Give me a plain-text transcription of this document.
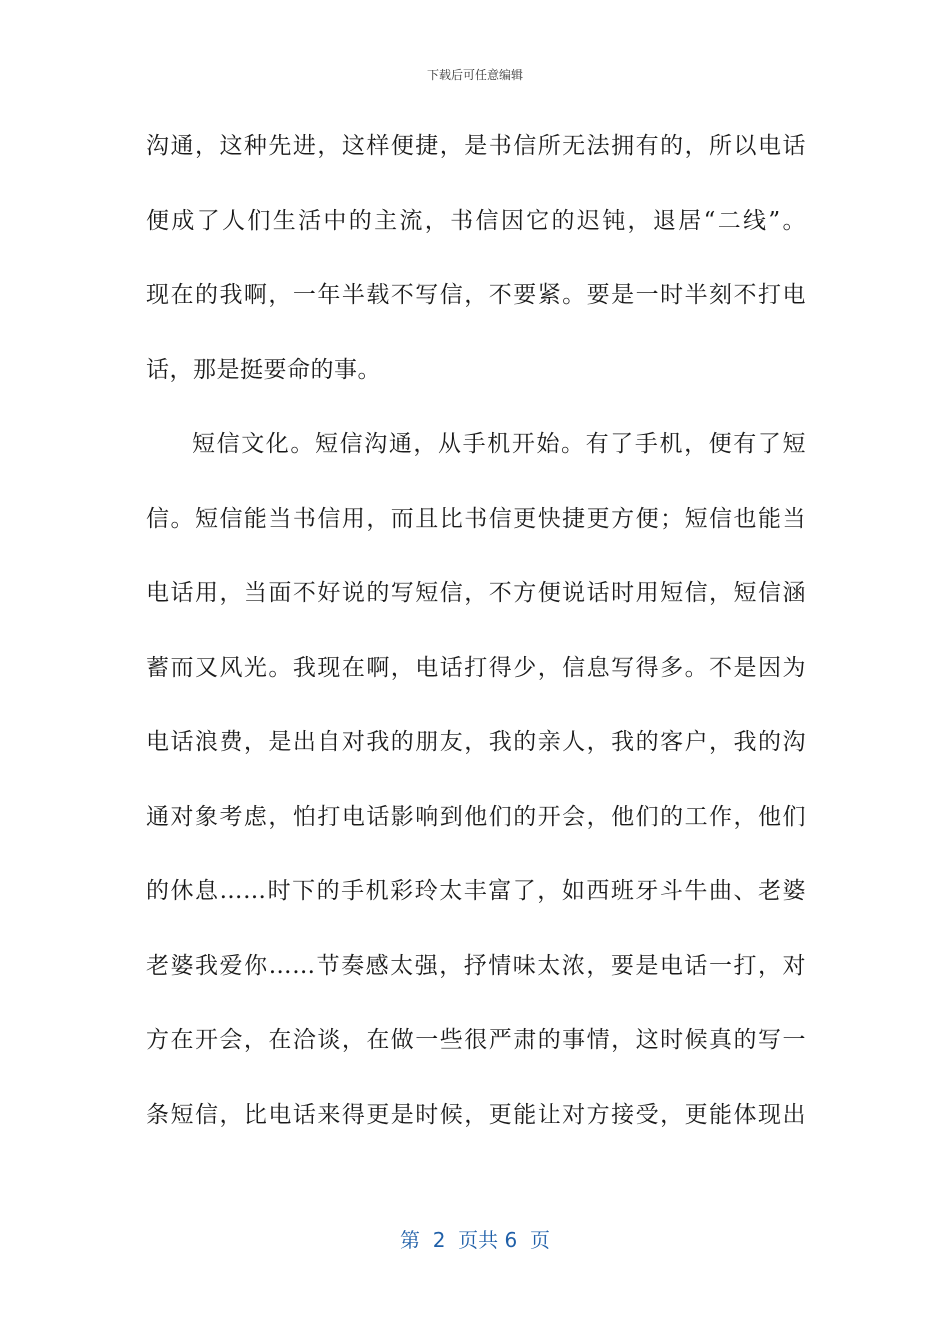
下载后可任意编辑
沟通，这种先进，这样便捷，是书信所无法拥有的，所以电话
便成了人们生活中的主流，书信因它的迟钝，退居“二线”。
现在的我啊，一年半载不写信，不要紧。要是一时半刻不打电
话，那是挺要命的事。
短信文化。短信沟通，从手机开始。有了手机，便有了短
信。短信能当书信用，而且比书信更快捷更方便；短信也能当
电话用，当面不好说的写短信，不方便说话时用短信，短信涵
蓄而又风光。我现在啊，电话打得少，信息写得多。不是因为
电话浪费，是出自对我的朋友，我的亲人，我的客户，我的沟
通对象考虑，怕打电话影响到他们的开会，他们的工作，他们
的休息……时下的手机彩玲太丰富了，如西班牙斗牛曲、老婆
老婆我爱你……节奏感太强，抒情味太浓，要是电话一打，对
方在开会，在洽谈，在做一些很严肃的事情，这时候真的写一
条短信，比电话来得更是时候，更能让对方接受，更能体现出
第  2  页共 6  页
